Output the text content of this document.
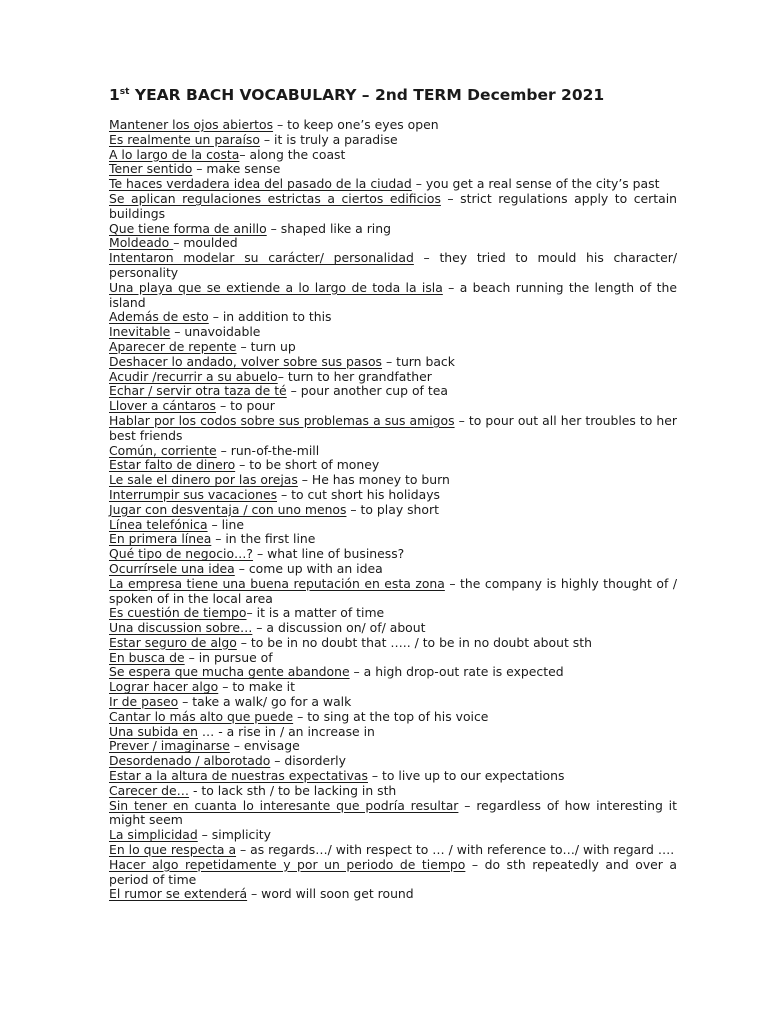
1st YEAR BACH VOCABULARY – 2nd TERM December 2021
Mantener los ojos abiertos – to keep one’s eyes open
Es realmente un paraíso – it is truly a paradise
A lo largo de la costa– along the coast
Tener sentido – make sense
Te haces verdadera idea del pasado de la ciudad – you get a real sense of the city’s past
Se aplican regulaciones estrictas a ciertos edificios – strict regulations apply to certain buildings
Que tiene forma de anillo – shaped like a ring
Moldeado – moulded
Intentaron modelar su carácter/ personalidad – they tried to mould his character/ personality
Una playa que se extiende a lo largo de toda la isla – a beach running the length of the island
Además de esto – in addition to this
Inevitable – unavoidable
Aparecer de repente – turn up
Deshacer lo andado, volver sobre sus pasos – turn back
Acudir /recurrir a su abuelo– turn to her grandfather
Echar / servir otra taza de té – pour another cup of tea
Llover a cántaros – to pour
Hablar por los codos sobre sus problemas a sus amigos – to pour out all her troubles to her best friends
Común, corriente – run-of-the-mill
Estar falto de dinero – to be short of money
Le sale el dinero por las orejas – He has money to burn
Interrumpir sus vacaciones – to cut short his holidays
Jugar con desventaja / con uno menos – to play short
Línea telefónica – line
En primera línea – in the first line
Qué tipo de negocio…? – what line of business?
Ocurrírsele una idea – come up with an idea
La empresa tiene una buena reputación en esta zona – the company is highly thought of / spoken of in the local area
Es cuestión de tiempo– it is a matter of time
Una discussion sobre… – a discussion on/ of/ about
Estar seguro de algo – to be in no doubt that ….. / to be in no doubt about sth
En busca de – in pursue of
Se espera que mucha gente abandone – a high drop-out rate is expected
Lograr hacer algo – to make it
Ir de paseo – take a walk/ go for a walk
Cantar lo más alto que puede – to sing at the top of his voice
Una subida en … - a rise in / an increase in
Prever / imaginarse – envisage
Desordenado / alborotado – disorderly
Estar a la altura de nuestras expectativas – to live up to our expectations
Carecer de… - to lack sth / to be lacking in sth
Sin tener en cuanta lo interesante que podría resultar – regardless of how interesting it might seem
La simplicidad – simplicity
En lo que respecta a – as regards…/ with respect to … / with reference to…/ with regard ….
Hacer algo repetidamente y por un periodo de tiempo – do sth repeatedly and over a period of time
El rumor se extenderá – word will soon get round
